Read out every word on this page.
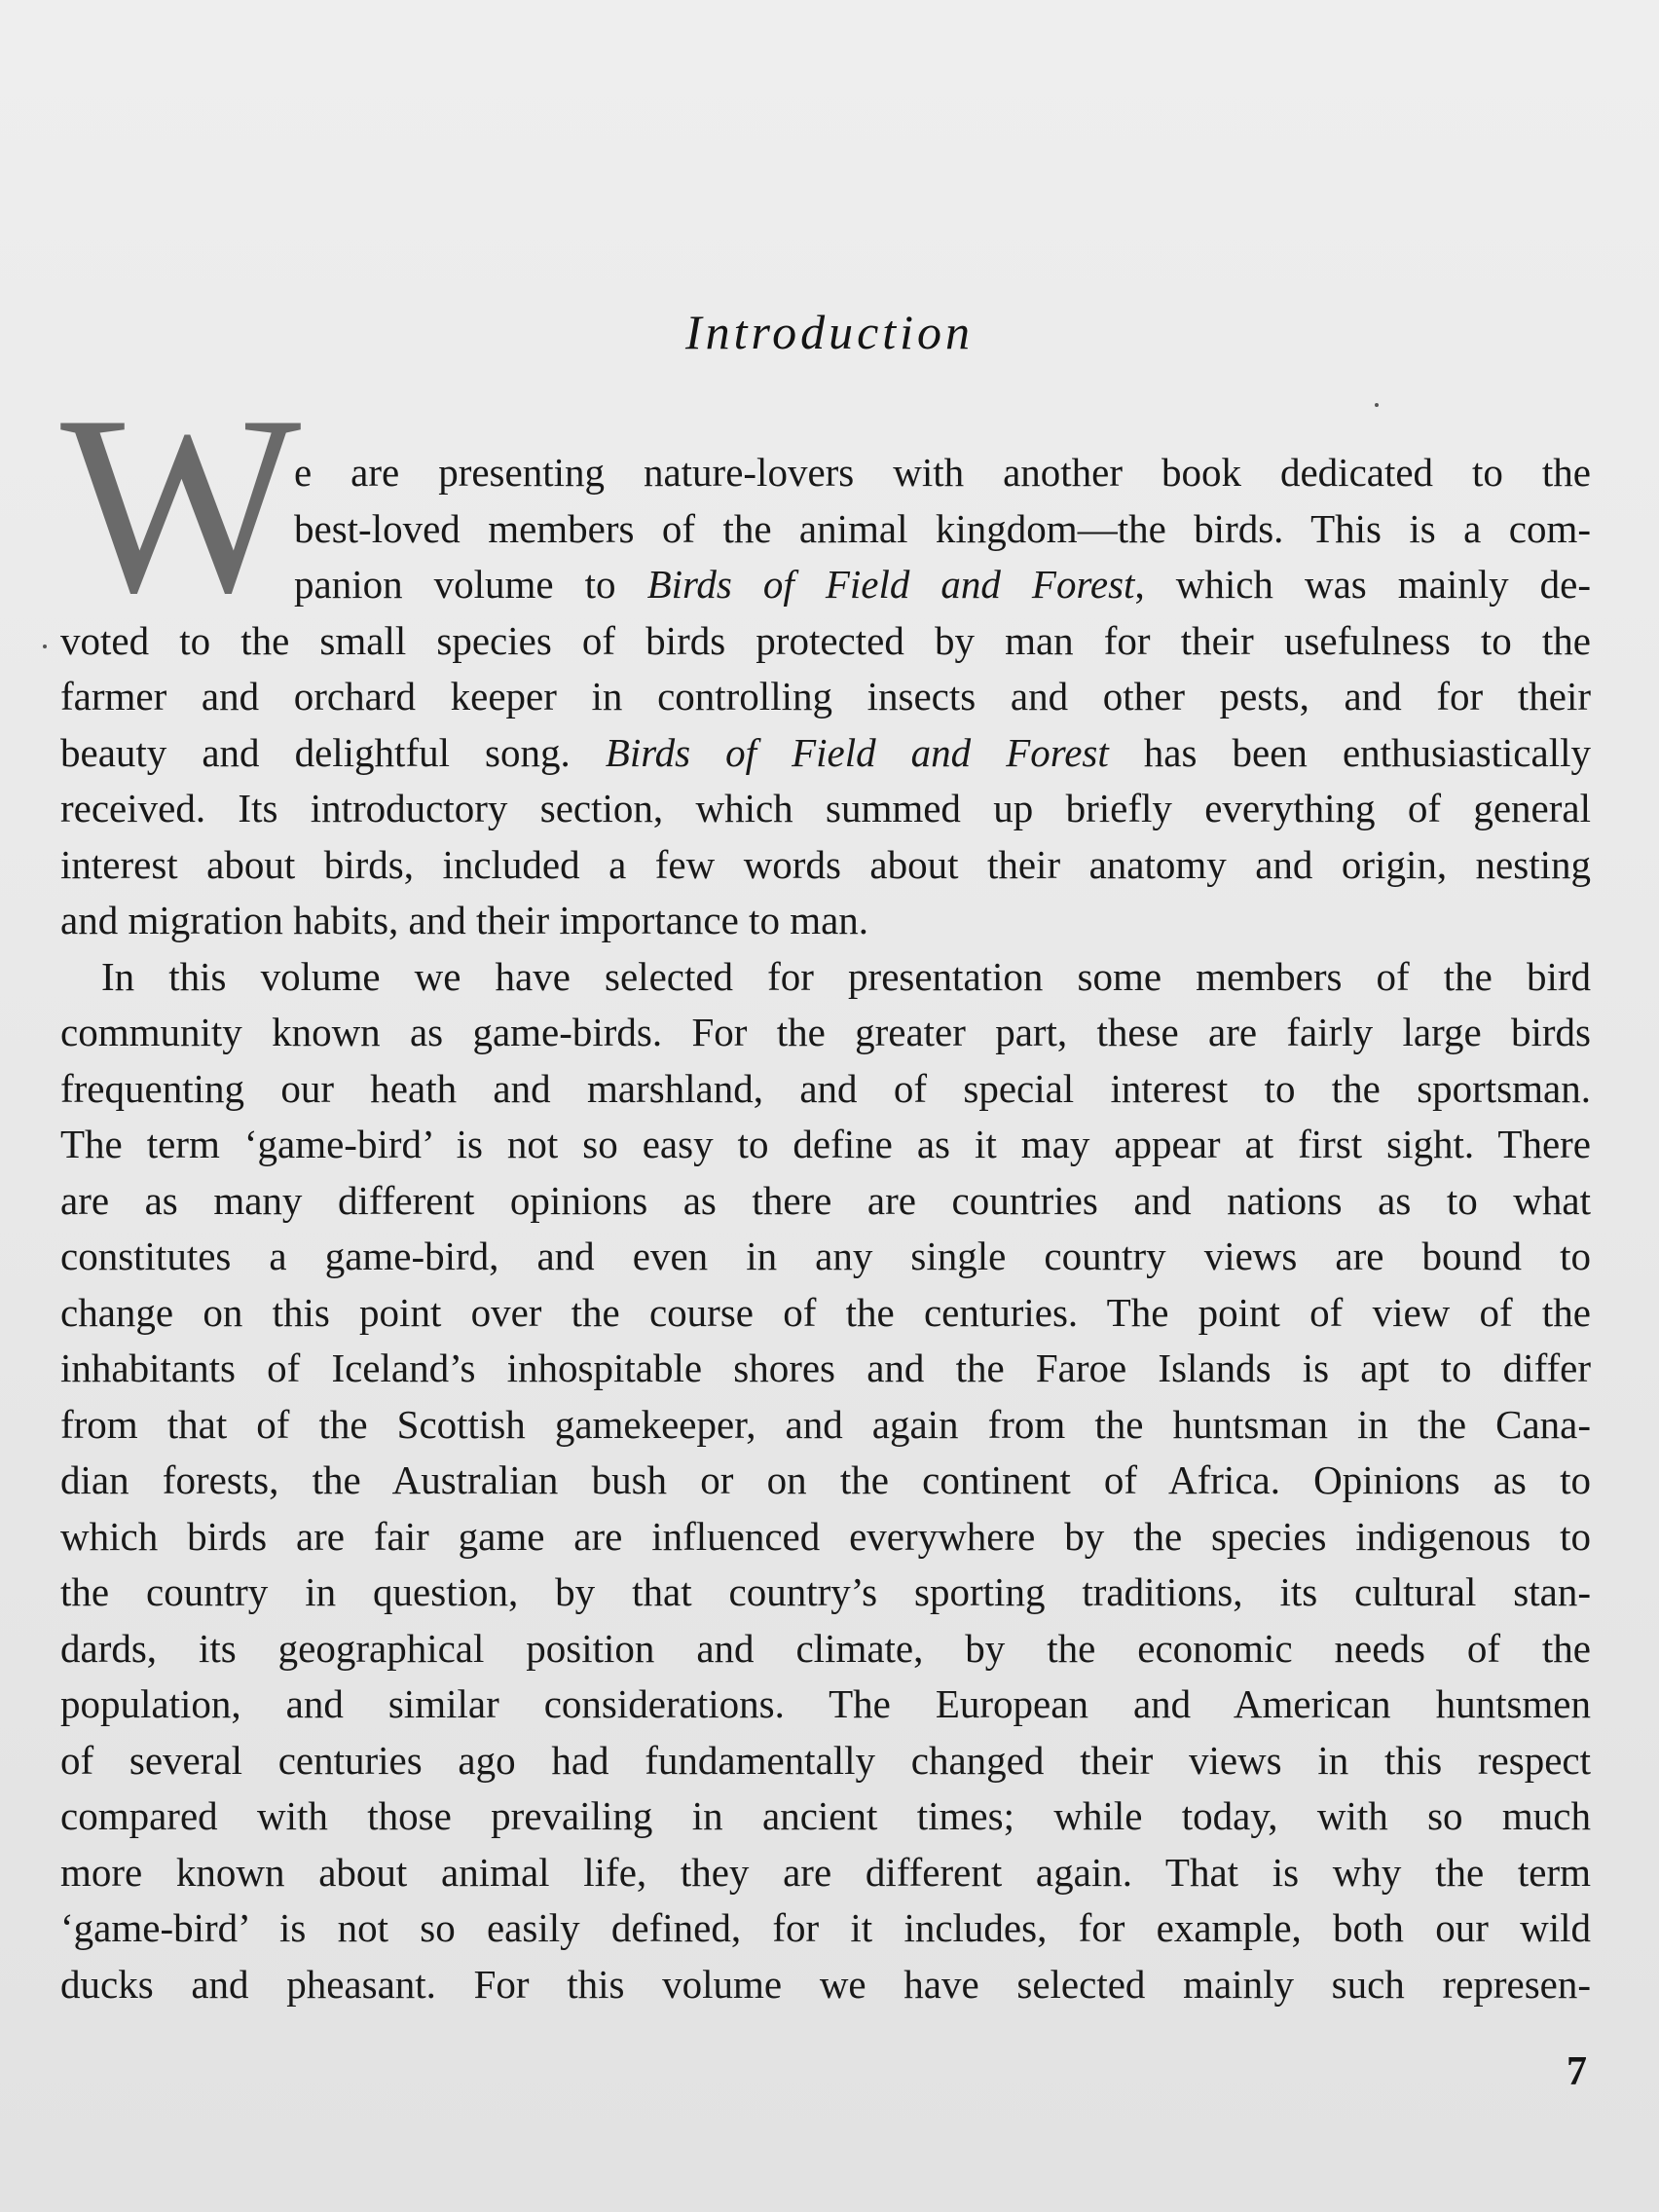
Introduction
W
e are presenting nature-lovers with another book dedicated to the
best-loved members of the animal kingdom—the birds. This is a com-
panion volume to Birds of Field and Forest, which was mainly de-
voted to the small species of birds protected by man for their usefulness to the
farmer and orchard keeper in controlling insects and other pests, and for their
beauty and delightful song. Birds of Field and Forest has been enthusiastically
received. Its introductory section, which summed up briefly everything of general
interest about birds, included a few words about their anatomy and origin, nesting
and migration habits, and their importance to man.
In this volume we have selected for presentation some members of the bird
community known as game-birds. For the greater part, these are fairly large birds
frequenting our heath and marshland, and of special interest to the sportsman.
The term ‘game-bird’ is not so easy to define as it may appear at first sight. There
are as many different opinions as there are countries and nations as to what
constitutes a game-bird, and even in any single country views are bound to
change on this point over the course of the centuries. The point of view of the
inhabitants of Iceland’s inhospitable shores and the Faroe Islands is apt to differ
from that of the Scottish gamekeeper, and again from the huntsman in the Cana-
dian forests, the Australian bush or on the continent of Africa. Opinions as to
which birds are fair game are influenced everywhere by the species indigenous to
the country in question, by that country’s sporting traditions, its cultural stan-
dards, its geographical position and climate, by the economic needs of the
population, and similar considerations. The European and American huntsmen
of several centuries ago had fundamentally changed their views in this respect
compared with those prevailing in ancient times; while today, with so much
more known about animal life, they are different again. That is why the term
‘game-bird’ is not so easily defined, for it includes, for example, both our wild
ducks and pheasant. For this volume we have selected mainly such represen-
7
